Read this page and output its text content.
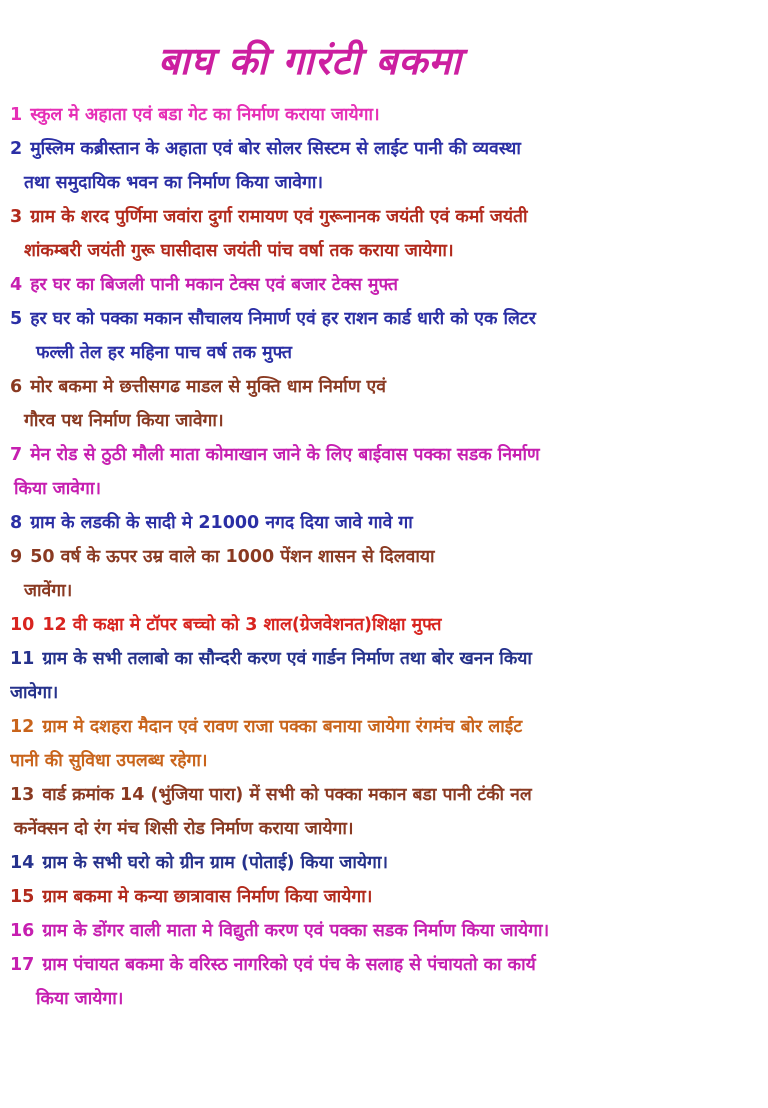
बाघ की गारंटी बकमा
1 स्कुल मे अहाता एवं बडा गेट का निर्माण कराया जायेगा।
2 मुस्लिम कब्रीस्तान के अहाता एवं बोर सोलर सिस्टम से लाईट पानी की व्यवस्था
तथा समुदायिक भवन का निर्माण किया जावेगा।
3 ग्राम के शरद पुर्णिमा जवांरा दुर्गा रामायण एवं गुरूनानक जयंती एवं कर्मा जयंती
शांकम्बरी जयंती गुरू घासीदास जयंती पांच वर्षा तक कराया जायेगा।
4 हर घर का बिजली पानी मकान टेक्स एवं बजार टेक्स मुफ्त
5 हर घर को पक्का मकान सौचालय निमार्ण एवं हर राशन कार्ड धारी को एक लिटर
फल्ली तेल हर महिना पाच वर्ष तक मुफ्त
6 मोर बकमा मे छत्तीसगढ माडल से मुक्ति धाम निर्माण एवं
गौरव पथ निर्माण किया जावेगा।
7 मेन रोड से ठुठी मौली माता कोमाखान जाने के लिए बाईवास पक्का सडक निर्माण
किया जावेगा।
8 ग्राम के लडकी के सादी मे 21000 नगद दिया जावे गावे गा
9 50 वर्ष के ऊपर उम्र वाले का 1000 पेंशन शासन से दिलवाया
जावेंगा।
10 12 वी कक्षा मे टॉपर बच्चो को 3 शाल(ग्रेजवेशनत)शिक्षा मुफ्त
11 ग्राम के सभी तलाबो का सौन्दरी करण एवं गार्डन निर्माण तथा बोर खनन किया
जावेगा।
12 ग्राम मे दशहरा मैदान एवं रावण राजा पक्का बनाया जायेगा रंगमंच बोर लाईट
पानी की सुविधा उपलब्ध रहेगा।
13 वार्ड क्रमांक 14 (भुंजिया पारा) में सभी को पक्का मकान बडा पानी टंकी नल
कनेंक्सन दो रंग मंच शिसी रोड निर्माण कराया जायेगा।
14 ग्राम के सभी घरो को ग्रीन ग्राम (पोताई) किया जायेगा।
15 ग्राम बकमा मे कन्या छात्रावास निर्माण किया जायेगा।
16 ग्राम के डोंगर वाली माता मे विद्युती करण एवं पक्का सडक निर्माण किया जायेगा।
17 ग्राम पंचायत बकमा के वरिस्ठ नागरिको एवं पंच के सलाह से पंचायतो का कार्य
किया जायेगा।
